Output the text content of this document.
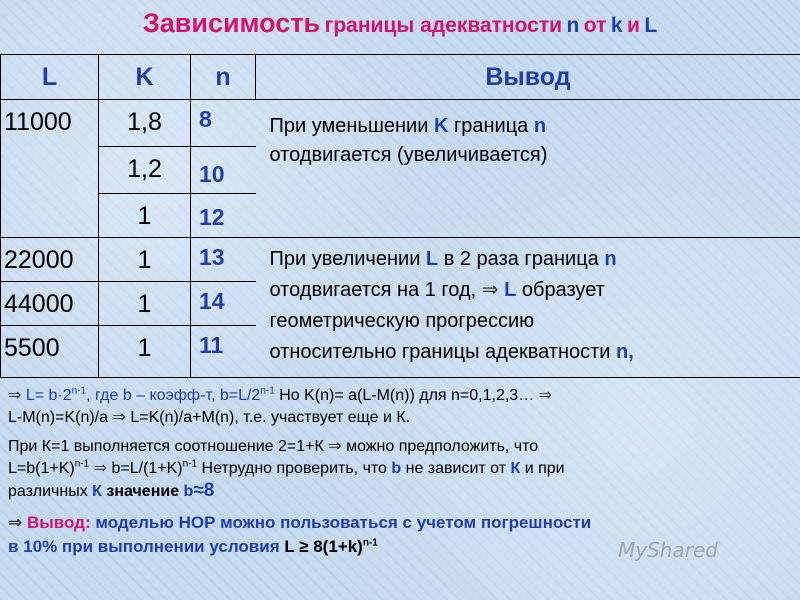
Зависимость границы адекватности n от k и L
L	K	n	Вывод
11000	1,8	8	При уменьшении K граница n
отодвигается (увеличивается)
	1,2	10	
	1	12	
22000	1	13	При увеличении L в 2 раза граница n
отодвигается на 1 год, ⇒ L образует
геометрическую прогрессию
относительно границы адекватности n,
44000	1	14	
5500	1	11	

⇒ $L= b\cdot 2^{n-1}$, где b – коэфф-т, $b=L/2^{n-1}$ Но K(n)= a(L-M(n)) для n=0,1,2,3… ⇒
L-M(n)=K(n)/a ⇒ L=K(n)/a+M(n), т.е. участвует еще и К.

При К=1 выполняется соотношение 2=1+К ⇒ можно предположить, что
$L=b(1+K)^{n-1}$ ⇒ $b=L/(1+K)^{n-1}$ Нетрудно проверить, что b не зависит от К и при
различных К значение b≈8

⇒ Вывод: моделью НОР можно пользоваться с учетом погрешности
в 10% при выполнении условия $L \ge 8(1+k)^{n-1}$	MyShared
